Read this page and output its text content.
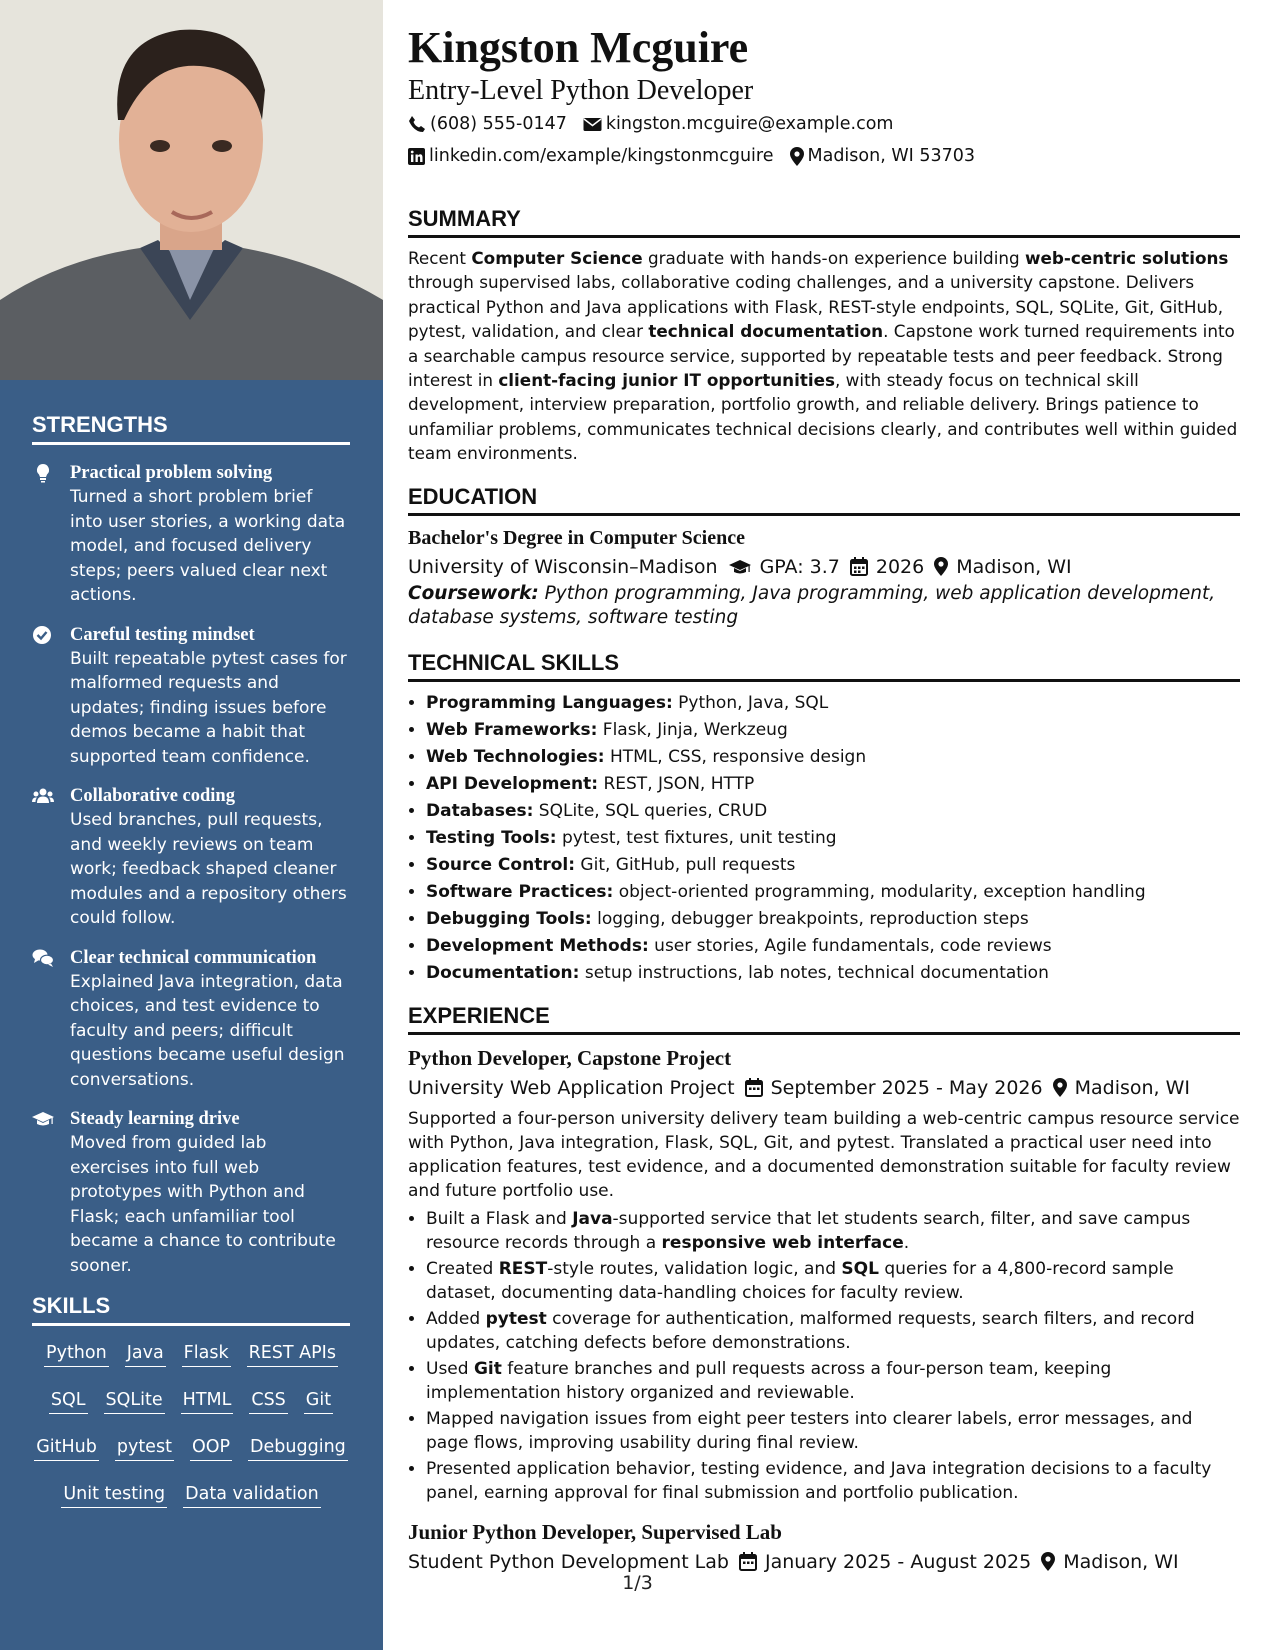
STRENGTHS
Practical problem solving
Turned a short problem brief into user stories, a working data model, and focused delivery steps; peers valued clear next actions.
Careful testing mindset
Built repeatable pytest cases for malformed requests and updates; finding issues before demos became a habit that supported team confidence.
Collaborative coding
Used branches, pull requests, and weekly reviews on team work; feedback shaped cleaner modules and a repository others could follow.
Clear technical communication
Explained Java integration, data choices, and test evidence to faculty and peers; difficult questions became useful design conversations.
Steady learning drive
Moved from guided lab exercises into full web prototypes with Python and Flask; each unfamiliar tool became a chance to contribute sooner.
SKILLS
Python Java Flask REST APIs
SQL SQLite HTML CSS Git
GitHub pytest OOP Debugging
Unit testing Data validation
Kingston Mcguire
Entry-Level Python Developer
(608) 555-0147 kingston.mcguire@example.com
linkedin.com/example/kingstonmcguire Madison, WI 53703
SUMMARY
Recent Computer Science graduate with hands-on experience building web-centric solutions through supervised labs, collaborative coding challenges, and a university capstone. Delivers practical Python and Java applications with Flask, REST-style endpoints, SQL, SQLite, Git, GitHub, pytest, validation, and clear technical documentation. Capstone work turned requirements into a searchable campus resource service, supported by repeatable tests and peer feedback. Strong interest in client-facing junior IT opportunities, with steady focus on technical skill development, interview preparation, portfolio growth, and reliable delivery. Brings patience to unfamiliar problems, communicates technical decisions clearly, and contributes well within guided team environments.
EDUCATION
Bachelor's Degree in Computer Science
University of Wisconsin–Madison GPA: 3.7 2026 Madison, WI
Coursework: Python programming, Java programming, web application development, database systems, software testing
TECHNICAL SKILLS
• Programming Languages: Python, Java, SQL
• Web Frameworks: Flask, Jinja, Werkzeug
• Web Technologies: HTML, CSS, responsive design
• API Development: REST, JSON, HTTP
• Databases: SQLite, SQL queries, CRUD
• Testing Tools: pytest, test fixtures, unit testing
• Source Control: Git, GitHub, pull requests
• Software Practices: object-oriented programming, modularity, exception handling
• Debugging Tools: logging, debugger breakpoints, reproduction steps
• Development Methods: user stories, Agile fundamentals, code reviews
• Documentation: setup instructions, lab notes, technical documentation
EXPERIENCE
Python Developer, Capstone Project
University Web Application Project September 2025 - May 2026 Madison, WI
Supported a four-person university delivery team building a web-centric campus resource service with Python, Java integration, Flask, SQL, Git, and pytest. Translated a practical user need into application features, test evidence, and a documented demonstration suitable for faculty review and future portfolio use.
• Built a Flask and Java-supported service that let students search, filter, and save campus resource records through a responsive web interface.
• Created REST-style routes, validation logic, and SQL queries for a 4,800-record sample dataset, documenting data-handling choices for faculty review.
• Added pytest coverage for authentication, malformed requests, search filters, and record updates, catching defects before demonstrations.
• Used Git feature branches and pull requests across a four-person team, keeping implementation history organized and reviewable.
• Mapped navigation issues from eight peer testers into clearer labels, error messages, and page flows, improving usability during final review.
• Presented application behavior, testing evidence, and Java integration decisions to a faculty panel, earning approval for final submission and portfolio publication.
Junior Python Developer, Supervised Lab
Student Python Development Lab January 2025 - August 2025 Madison, WI
1/3
